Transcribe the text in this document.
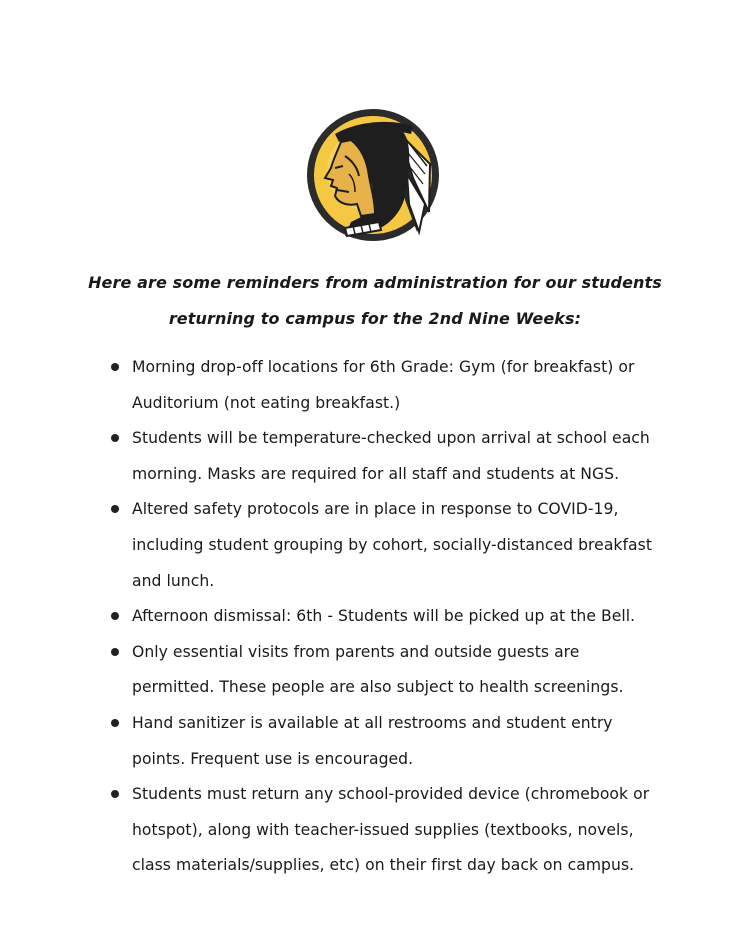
Here are some reminders from administration for our students
returning to campus for the 2nd Nine Weeks:
Morning drop-off locations for 6th Grade: Gym (for breakfast) or
Auditorium (not eating breakfast.)
Students will be temperature-checked upon arrival at school each
morning. Masks are required for all staff and students at NGS.
Altered safety protocols are in place in response to COVID-19,
including student grouping by cohort, socially-distanced breakfast
and lunch.
Afternoon dismissal: 6th - Students will be picked up at the Bell.
Only essential visits from parents and outside guests are
permitted. These people are also subject to health screenings.
Hand sanitizer is available at all restrooms and student entry
points. Frequent use is encouraged.
Students must return any school-provided device (chromebook or
hotspot), along with teacher-issued supplies (textbooks, novels,
class materials/supplies, etc) on their first day back on campus.
